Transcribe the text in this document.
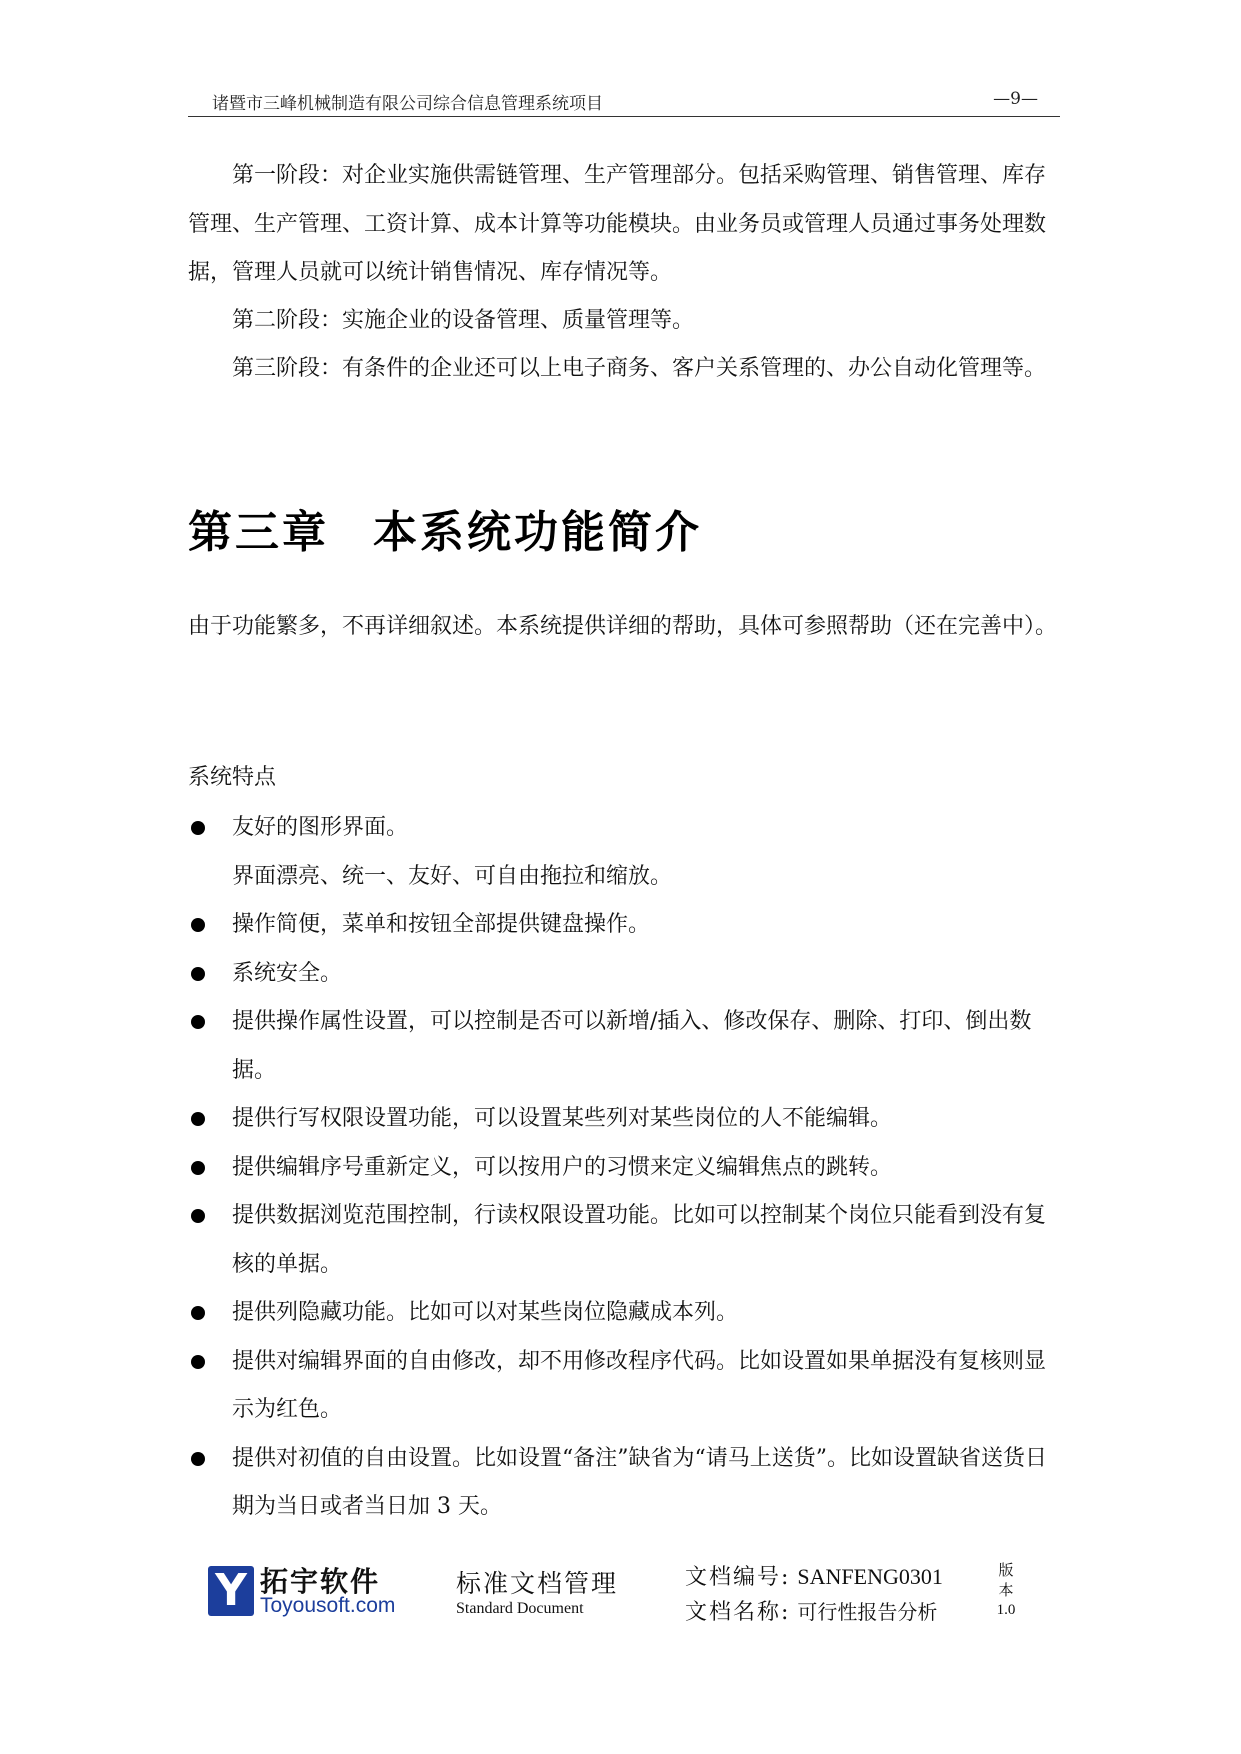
诸暨市三峰机械制造有限公司综合信息管理系统项目	—9—

第一阶段：对企业实施供需链管理、生产管理部分。包括采购管理、销售管理、库存管理、生产管理、工资计算、成本计算等功能模块。由业务员或管理人员通过事务处理数据，管理人员就可以统计销售情况、库存情况等。

第二阶段：实施企业的设备管理、质量管理等。

第三阶段：有条件的企业还可以上电子商务、客户关系管理的、办公自动化管理等。

第三章 本系统功能简介

由于功能繁多，不再详细叙述。本系统提供详细的帮助，具体可参照帮助（还在完善中）。

系统特点

友好的图形界面。
界面漂亮、统一、友好、可自由拖拉和缩放。
操作简便，菜单和按钮全部提供键盘操作。
系统安全。
提供操作属性设置，可以控制是否可以新增/插入、修改保存、删除、打印、倒出数据。
提供行写权限设置功能，可以设置某些列对某些岗位的人不能编辑。
提供编辑序号重新定义，可以按用户的习惯来定义编辑焦点的跳转。
提供数据浏览范围控制，行读权限设置功能。比如可以控制某个岗位只能看到没有复核的单据。
提供列隐藏功能。比如可以对某些岗位隐藏成本列。
提供对编辑界面的自由修改，却不用修改程序代码。比如设置如果单据没有复核则显示为红色。
提供对初值的自由设置。比如设置“备注”缺省为“请马上送货”。比如设置缺省送货日期为当日或者当日加 3 天。
Y 拓宇软件
Toyousoft.com
标准文档管理
Standard Document
文档编号: SANFENG0301
文档名称: 可行性报告分析
版
本
1.0
